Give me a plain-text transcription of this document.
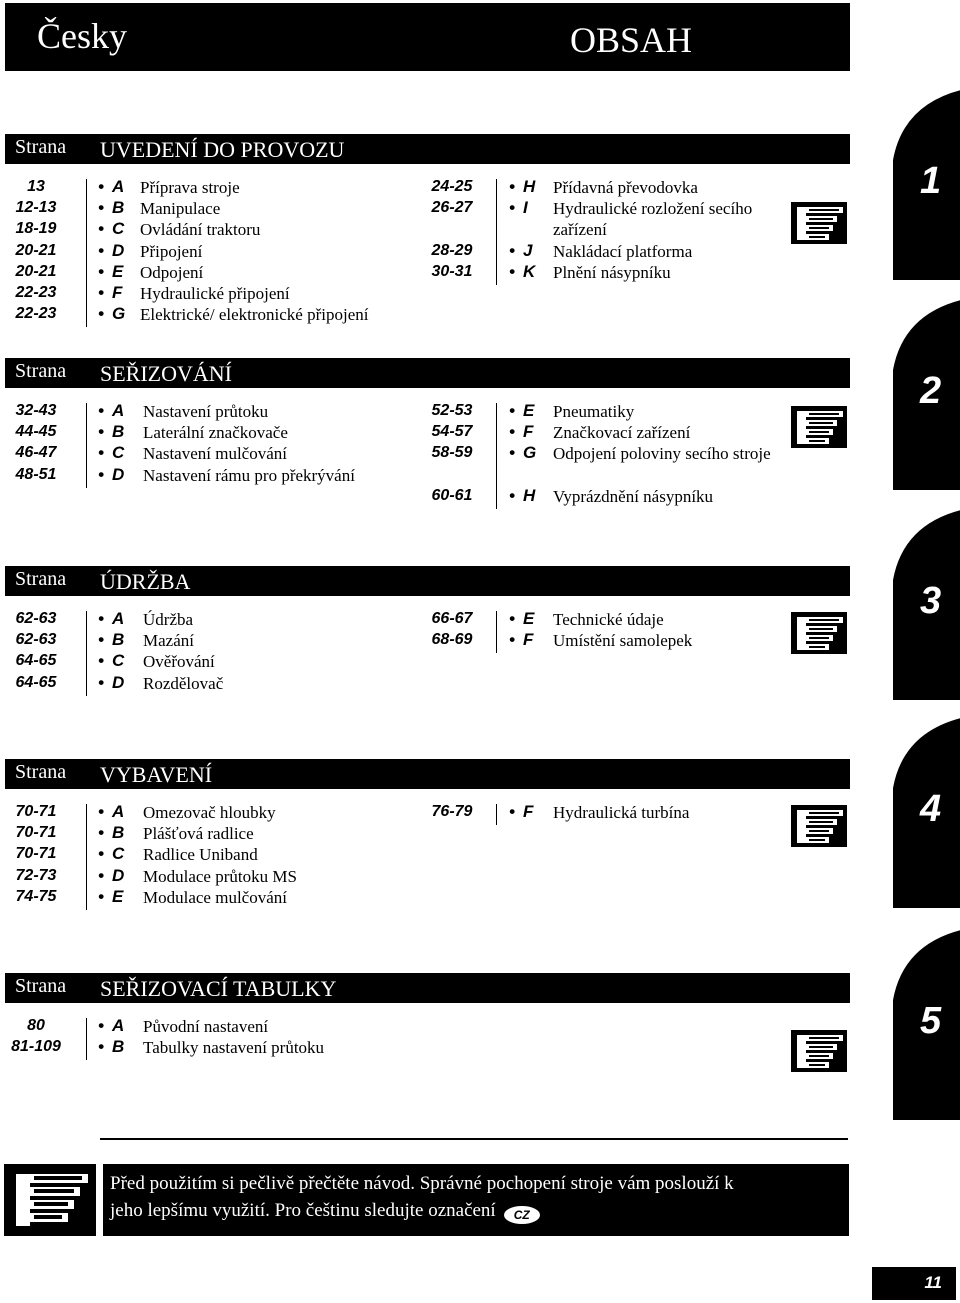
Česky	OBSAH
Strana UVEDENÍ DO PROVOZU
13	• A Příprava stroje
12-13	• B Manipulace
18-19	• C Ovládání traktoru
20-21	• D Připojení
20-21	• E Odpojení
22-23	• F Hydraulické připojení
22-23	• G Elektrické/ elektronické připojení
24-25	• H Přídavná převodovka
26-27	• I Hydraulické rozložení secího zařízení
28-29	• J Nakládací platforma
30-31	• K Plnění násypníku
1
Strana SEŘIZOVÁNÍ
32-43	• A Nastavení průtoku
44-45	• B Laterální značkovače
46-47	• C Nastavení mulčování
48-51	• D Nastavení rámu pro překrývání
52-53	• E Pneumatiky
54-57	• F Značkovací zařízení
58-59	• G Odpojení poloviny secího stroje
60-61	• H Vyprázdnění násypníku
2
Strana ÚDRŽBA
62-63	• A Údržba
62-63	• B Mazání
64-65	• C Ověřování
64-65	• D Rozdělovač
66-67	• E Technické údaje
68-69	• F Umístění samolepek
3
Strana VYBAVENÍ
70-71	• A Omezovač hloubky
70-71	• B Plášťová radlice
70-71	• C Radlice Uniband
72-73	• D Modulace průtoku MS
74-75	• E Modulace mulčování
76-79	• F Hydraulická turbína	4
Strana SEŘIZOVACÍ TABULKY
80	• A Původní nastavení
81-109	• B Tabulky nastavení průtoku
5
Před použitím si pečlivě přečtěte návod. Správné pochopení stroje vám poslouží k
jeho lepšímu využití. Pro češtinu sledujte označení CZ
11
